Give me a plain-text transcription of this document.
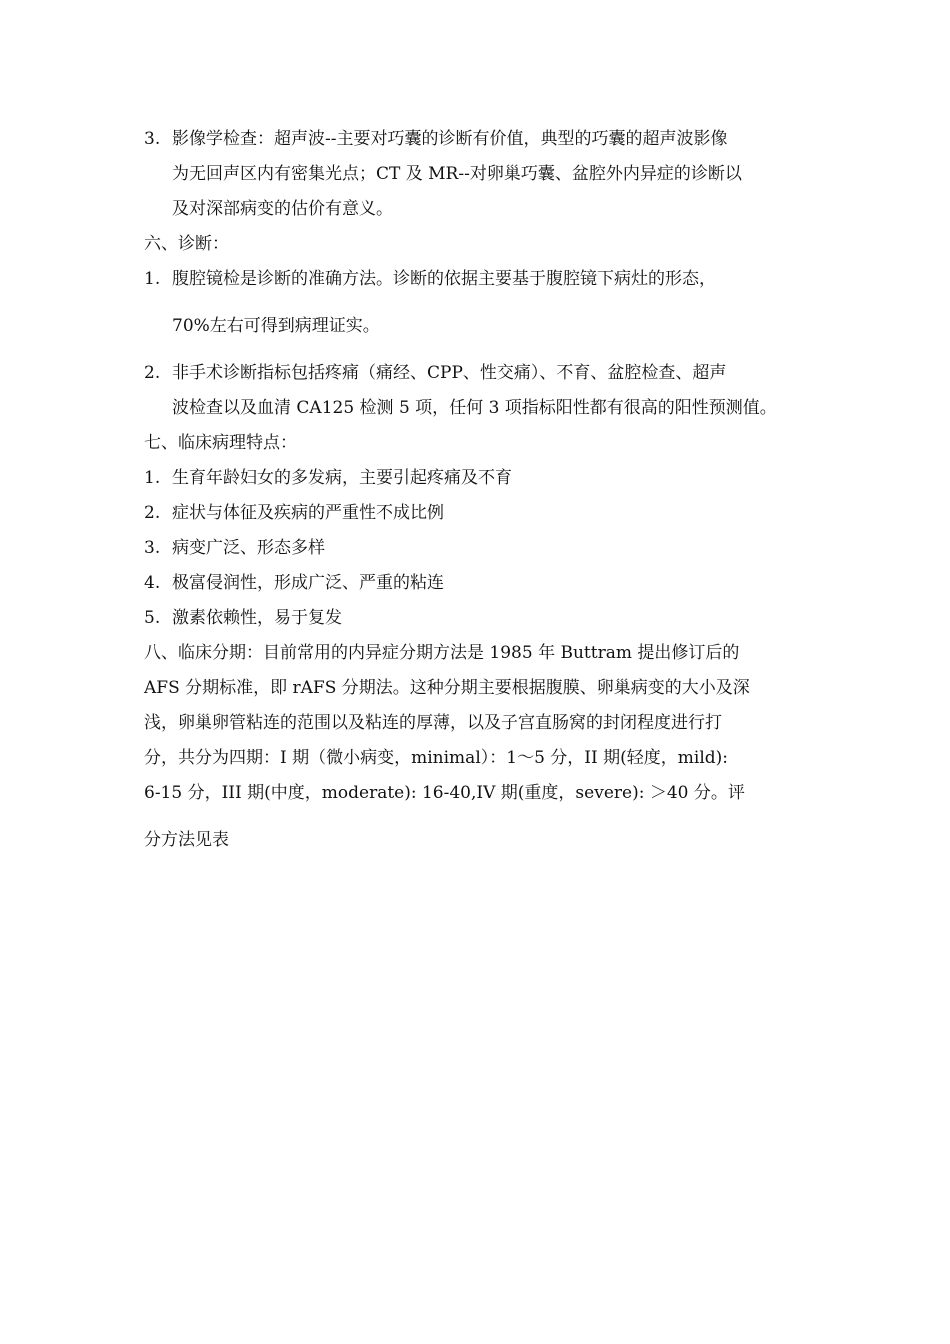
3. 影像学检查：超声波--主要对巧囊的诊断有价值，典型的巧囊的超声波影像
为无回声区内有密集光点；CT 及 MR--对卵巢巧囊、盆腔外内异症的诊断以
及对深部病变的估价有意义。
六、诊断：
1. 腹腔镜检是诊断的准确方法。诊断的依据主要基于腹腔镜下病灶的形态，
70%左右可得到病理证实。
2. 非手术诊断指标包括疼痛（痛经、CPP、性交痛）、不育、盆腔检查、超声
波检查以及血清 CA125 检测 5 项，任何 3 项指标阳性都有很高的阳性预测值。
七、临床病理特点：
1. 生育年龄妇女的多发病，主要引起疼痛及不育
2. 症状与体征及疾病的严重性不成比例
3. 病变广泛、形态多样
4. 极富侵润性，形成广泛、严重的粘连
5. 激素依赖性，易于复发
八、临床分期：目前常用的内异症分期方法是 1985 年 Buttram 提出修订后的
AFS 分期标准，即 rAFS 分期法。这种分期主要根据腹膜、卵巢病变的大小及深
浅，卵巢卵管粘连的范围以及粘连的厚薄，以及子宫直肠窝的封闭程度进行打
分，共分为四期：I 期（微小病变，minimal）：1～5 分，II 期(轻度，mild):
6-15 分，III 期(中度，moderate): 16-40,IV 期(重度，severe): ＞40 分。评
分方法见表
